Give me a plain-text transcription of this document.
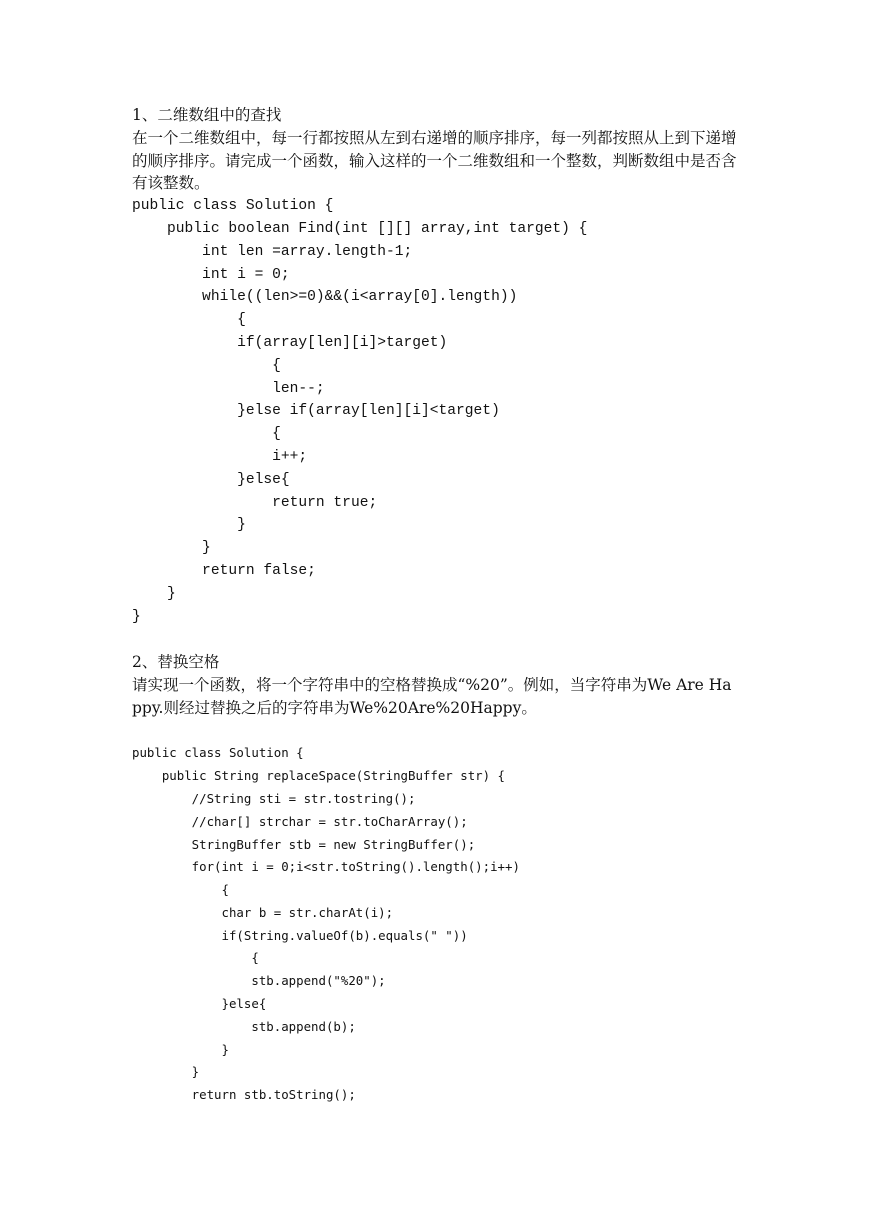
1、二维数组中的查找
在一个二维数组中，每一行都按照从左到右递增的顺序排序，每一列都按照从上到下递增的顺序排序。请完成一个函数，输入这样的一个二维数组和一个整数，判断数组中是否含有该整数。
public class Solution {
public boolean Find(int [][] array,int target) {
int len =array.length-1;
int i = 0;
while((len>=0)&&(i<array[0].length))
{
if(array[len][i]>target)
{
len--;
}else if(array[len][i]<target)
{
i++;
}else{
return true;
}
}
return false;
}
}
2、替换空格
请实现一个函数，将一个字符串中的空格替换成“%20”。例如，当字符串为We Are Happy.则经过替换之后的字符串为We%20Are%20Happy。
public class Solution {
public String replaceSpace(StringBuffer str) {
//String sti = str.tostring();
//char[] strchar = str.toCharArray();
StringBuffer stb = new StringBuffer();
for(int i = 0;i<str.toString().length();i++)
{
char b = str.charAt(i);
if(String.valueOf(b).equals(" "))
{
stb.append("%20");
}else{
stb.append(b);
}
}
return stb.toString();
